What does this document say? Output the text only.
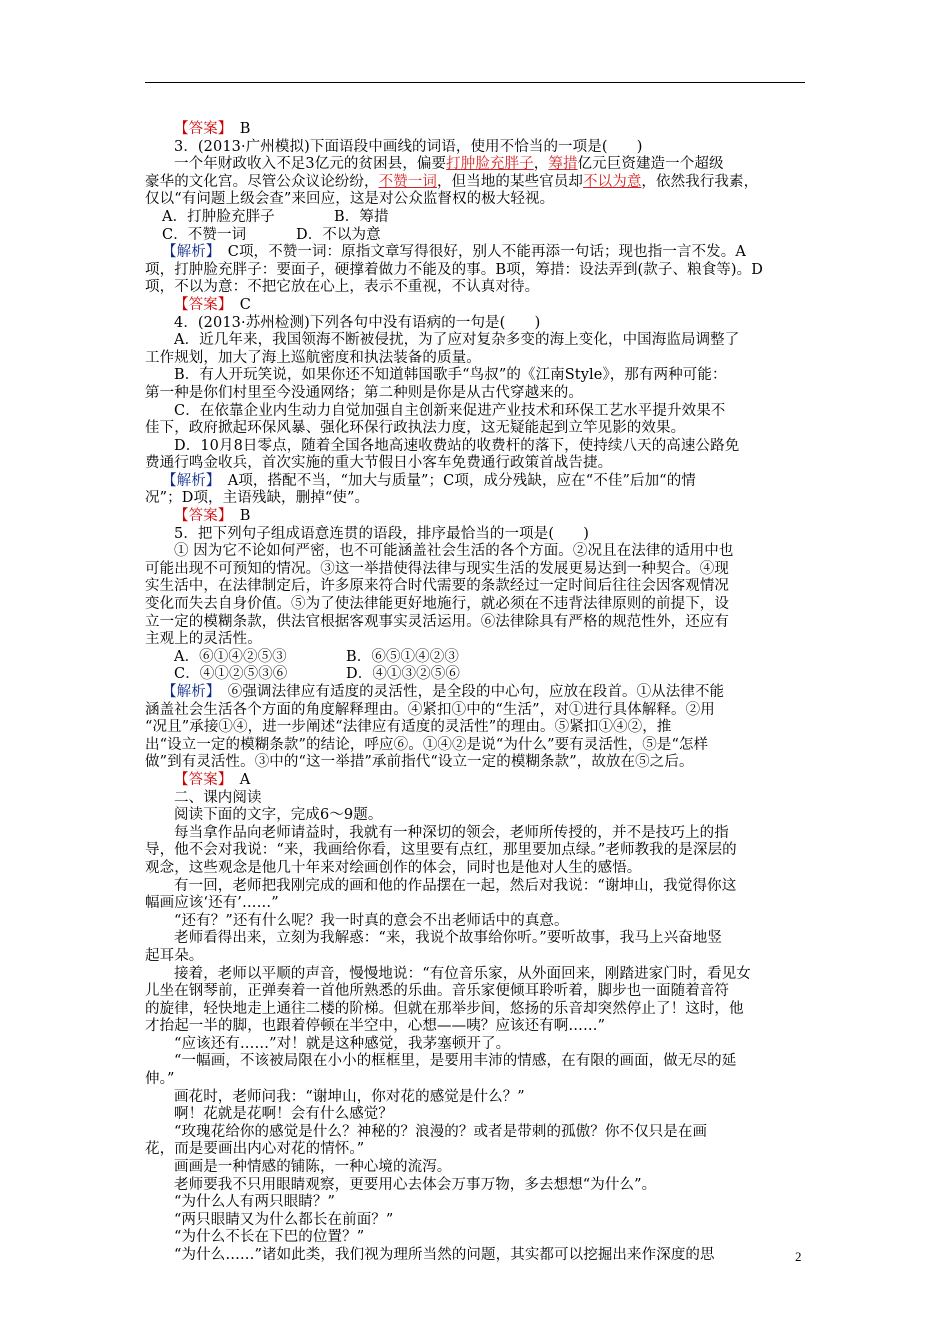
【答案】　 B
3．(2013·广州模拟)下面语段中画线的词语，使用不恰当的一项是(　　)
一个年财政收入不足3亿元的贫困县，偏要打肿脸充胖子，筹措亿元巨资建造一个超级
豪华的文化宫。尽管公众议论纷纷，不赞一词，但当地的某些官员却不以为意，依然我行我素，
仅以“有问题上级会查”来回应，这是对公众监督权的极大轻视。
A．打肿脸充胖子	B．筹措
C．不赞一词	D．不以为意
【解析】　 C项，不赞一词：原指文章写得很好，别人不能再添一句话；现也指一言不发。A
项，打肿脸充胖子：要面子，硬撑着做力不能及的事。B项，筹措：设法弄到(款子、粮食等)。D
项，不以为意：不把它放在心上，表示不重视，不认真对待。
【答案】　 C
4．(2013·苏州检测)下列各句中没有语病的一句是(　　)
A．近几年来，我国领海不断被侵扰，为了应对复杂多变的海上变化，中国海监局调整了
工作规划，加大了海上巡航密度和执法装备的质量。
B．有人开玩笑说，如果你还不知道韩国歌手“鸟叔”的《江南Style》，那有两种可能：
第一种是你们村里至今没通网络；第二种则是你是从古代穿越来的。
C．在依靠企业内生动力自觉加强自主创新来促进产业技术和环保工艺水平提升效果不
佳下，政府掀起环保风暴、强化环保行政执法力度，这无疑能起到立竿见影的效果。
D．10月8日零点，随着全国各地高速收费站的收费杆的落下，使持续八天的高速公路免
费通行鸣金收兵，首次实施的重大节假日小客车免费通行政策首战告捷。
【解析】　 A项，搭配不当，“加大与质量”；C项，成分残缺，应在“不佳”后加“的情
况”；D项，主语残缺，删掉“使”。
【答案】　 B
5．把下列句子组成语意连贯的语段，排序最恰当的一项是(　　)
① 因为它不论如何严密，也不可能涵盖社会生活的各个方面。②况且在法律的适用中也
可能出现不可预知的情况。③这一举措使得法律与现实生活的发展更易达到一种契合。④现
实生活中，在法律制定后，许多原来符合时代需要的条款经过一定时间后往往会因客观情况
变化而失去自身价值。⑤为了使法律能更好地施行，就必须在不违背法律原则的前提下，设
立一定的模糊条款，供法官根据客观事实灵活运用。⑥法律除具有严格的规范性外，还应有
主观上的灵活性。
A．⑥①④②⑤③	B．⑥⑤①④②③
C．④①②⑤③⑥	D．④①③②⑤⑥
【解析】　 ⑥强调法律应有适度的灵活性，是全段的中心句，应放在段首。①从法律不能
涵盖社会生活各个方面的角度解释理由。④紧扣①中的“生活”，对①进行具体解释。②用
“况且”承接①④，进一步阐述“法律应有适度的灵活性”的理由。⑤紧扣①④②，推
出“设立一定的模糊条款”的结论，呼应⑥。①④②是说“为什么”要有灵活性，⑤是“怎样
做”到有灵活性。③中的“这一举措”承前指代“设立一定的模糊条款”，故放在⑤之后。
【答案】　 A
二、课内阅读
阅读下面的文字，完成6～9题。
每当拿作品向老师请益时，我就有一种深切的领会，老师所传授的，并不是技巧上的指
导，他不会对我说：“来，我画给你看，这里要有点红，那里要加点绿。”老师教我的是深层的
观念，这些观念是他几十年来对绘画创作的体会，同时也是他对人生的感悟。
有一回，老师把我刚完成的画和他的作品摆在一起，然后对我说：“谢坤山，我觉得你这
幅画应该‘还有’……”
“还有？”还有什么呢？我一时真的意会不出老师话中的真意。
老师看得出来，立刻为我解惑：“来，我说个故事给你听。”要听故事，我马上兴奋地竖
起耳朵。
接着，老师以平顺的声音，慢慢地说：“有位音乐家，从外面回来，刚踏进家门时，看见女
儿坐在钢琴前，正弹奏着一首他所熟悉的乐曲。音乐家便倾耳聆听着，脚步也一面随着音符
的旋律，轻快地走上通往二楼的阶梯。但就在那举步间，悠扬的乐音却突然停止了！这时，他
才抬起一半的脚，也跟着停顿在半空中，心想——咦？应该还有啊……”
“应该还有……”对！就是这种感觉，我茅塞顿开了。
“一幅画，不该被局限在小小的框框里，是要用丰沛的情感，在有限的画面，做无尽的延
伸。”
画花时，老师问我：“谢坤山，你对花的感觉是什么？”
啊！花就是花啊！会有什么感觉？
“玫瑰花给你的感觉是什么？神秘的？浪漫的？或者是带刺的孤傲？你不仅只是在画
花，而是要画出内心对花的情怀。”
画画是一种情感的铺陈，一种心境的流泻。
老师要我不只用眼睛观察，更要用心去体会万事万物，多去想想“为什么”。
“为什么人有两只眼睛？”
“两只眼睛又为什么都长在前面？”
“为什么不长在下巴的位置？”
“为什么……”诸如此类，我们视为理所当然的问题，其实都可以挖掘出来作深度的思	2
